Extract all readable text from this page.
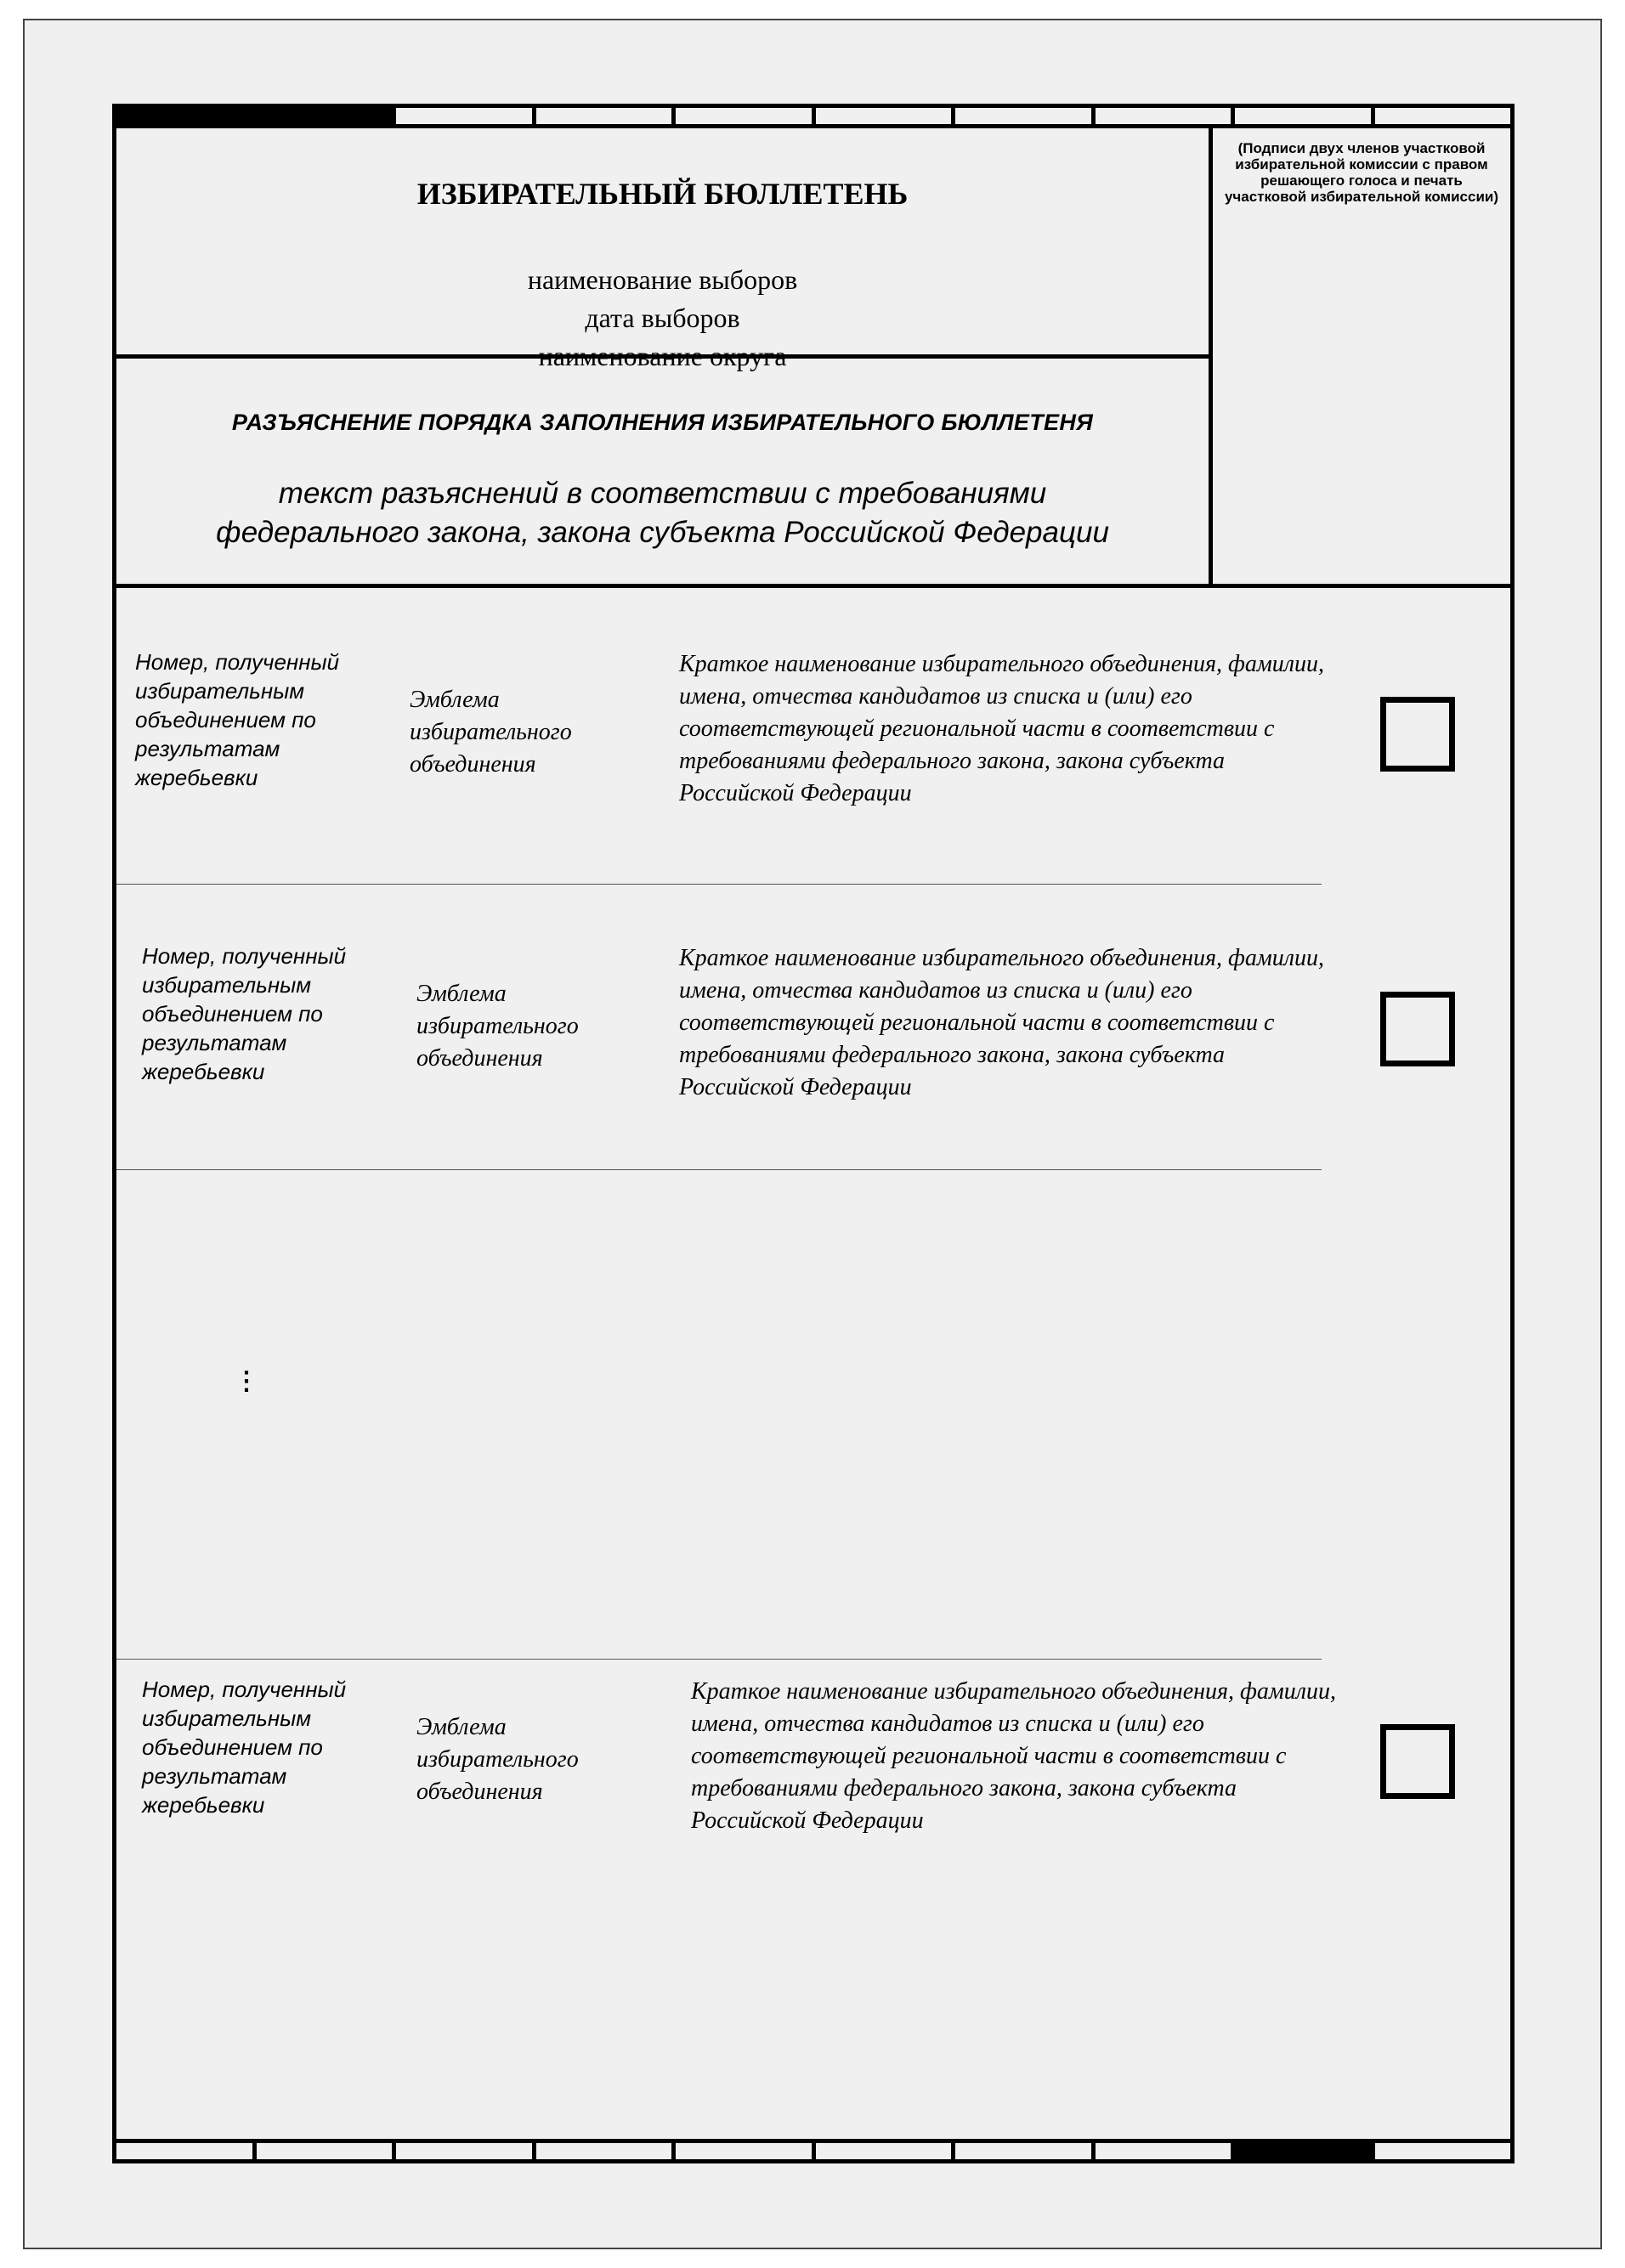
ИЗБИРАТЕЛЬНЫЙ БЮЛЛЕТЕНЬ
наименование выборов
дата выборов
наименование округа
РАЗЪЯСНЕНИЕ ПОРЯДКА ЗАПОЛНЕНИЯ ИЗБИРАТЕЛЬНОГО БЮЛЛЕТЕНЯ
текст разъяснений в соответствии с требованиями
федерального закона, закона субъекта Российской Федерации
(Подписи двух членов участковой избирательной комиссии с правом решающего голоса и печать участковой избирательной комиссии)
Номер, полученный избирательным объединением по результатам жеребьевки
Эмблема избирательного объединения
Краткое наименование избирательного объединения, фамилии, имена, отчества кандидатов из списка и (или) его соответствующей региональной части в соответствии с требованиями федерального закона, закона субъекта Российской Федерации
Номер, полученный избирательным объединением по результатам жеребьевки
Эмблема избирательного объединения
Краткое наименование избирательного объединения, фамилии, имена, отчества кандидатов из списка и (или) его соответствующей региональной части в соответствии с требованиями федерального закона, закона субъекта Российской Федерации
⋮
Номер, полученный избирательным объединением по результатам жеребьевки
Эмблема избирательного объединения
Краткое наименование избирательного объединения, фамилии, имена, отчества кандидатов из списка и (или) его соответствующей региональной части в соответствии с требованиями федерального закона, закона субъекта Российской Федерации
